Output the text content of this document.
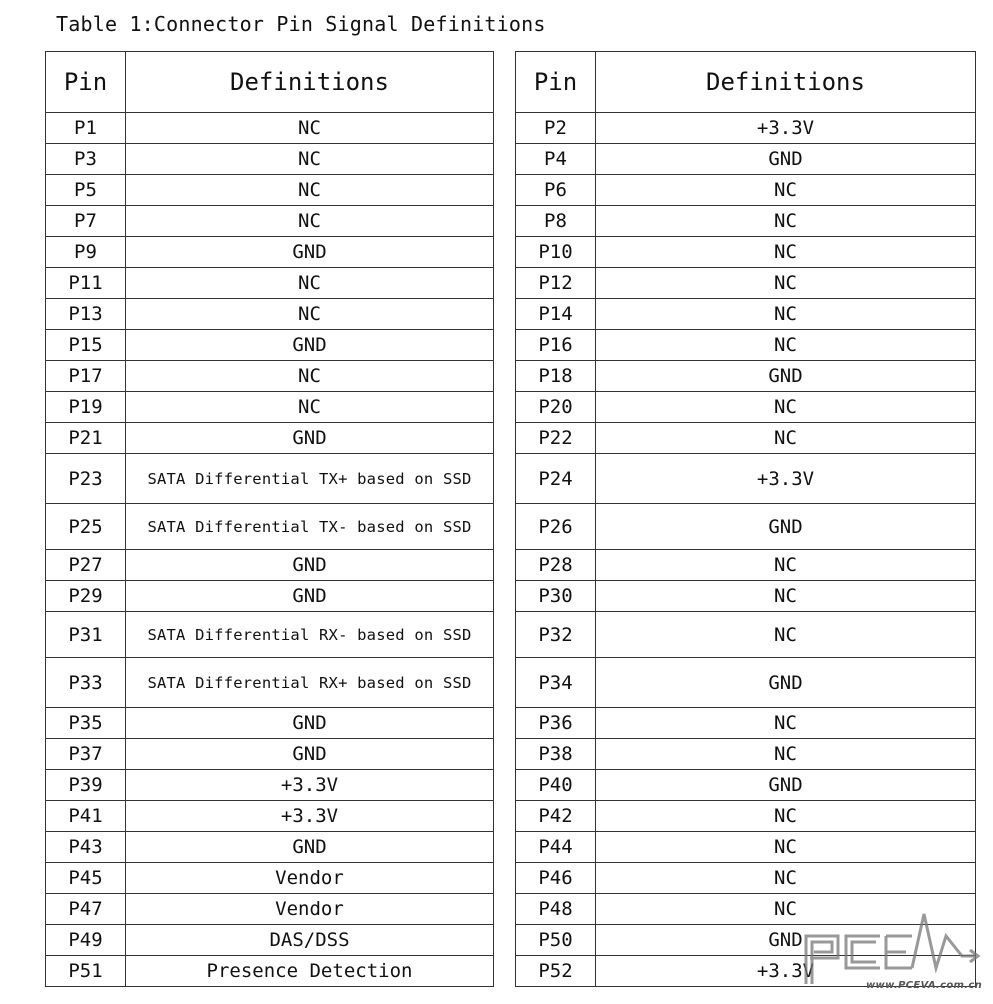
Table 1:Connector Pin Signal Definitions
Pin	Definitions
P1	NC
P3	NC
P5	NC
P7	NC
P9	GND
P11	NC
P13	NC
P15	GND
P17	NC
P19	NC
P21	GND
P23	SATA Differential TX+ based on SSD
P25	SATA Differential TX- based on SSD
P27	GND
P29	GND
P31	SATA Differential RX- based on SSD
P33	SATA Differential RX+ based on SSD
P35	GND
P37	GND
P39	+3.3V
P41	+3.3V
P43	GND
P45	Vendor
P47	Vendor
P49	DAS/DSS
P51	Presence Detection
Pin	Definitions
P2	+3.3V
P4	GND
P6	NC
P8	NC
P10	NC
P12	NC
P14	NC
P16	NC
P18	GND
P20	NC
P22	NC
P24	+3.3V
P26	GND
P28	NC
P30	NC
P32	NC
P34	GND
P36	NC
P38	NC
P40	GND
P42	NC
P44	NC
P46	NC
P48	NC
P50	GND
P52	+3.3V
www.PCEVA.com.cn
